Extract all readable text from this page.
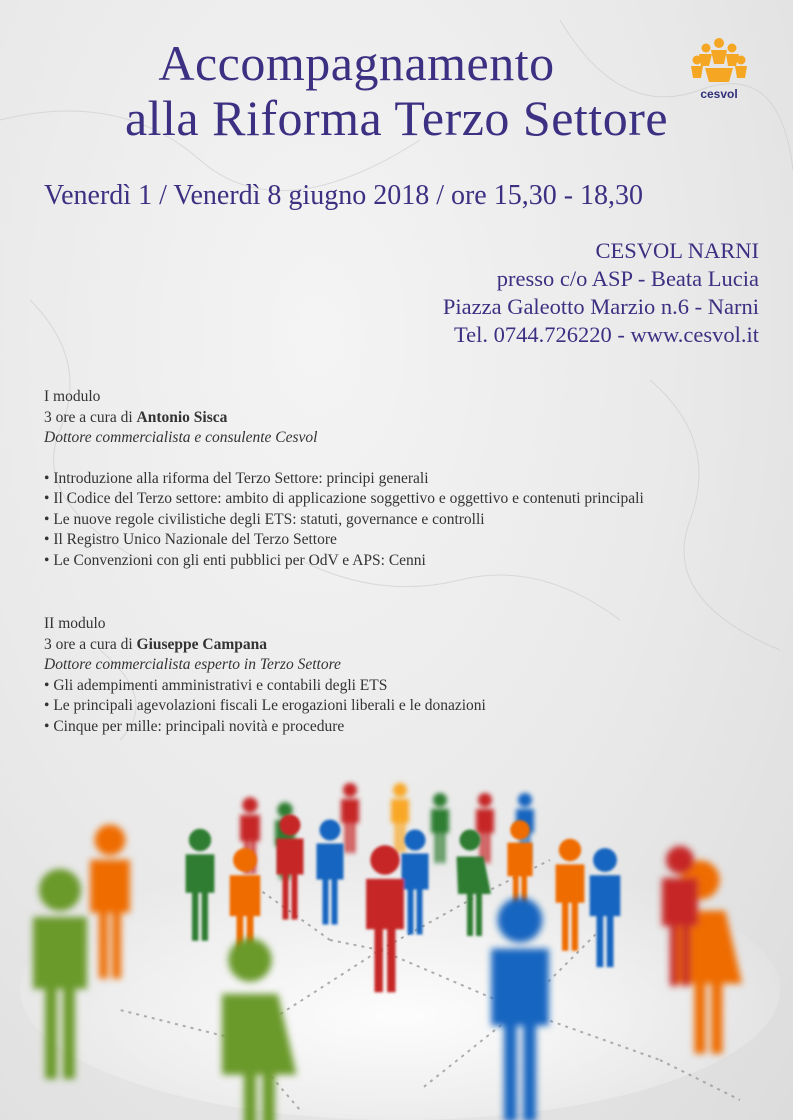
Accompagnamento
alla Riforma Terzo Settore	cesvol
Venerdì 1 / Venerdì 8 giugno 2018 / ore 15,30 - 18,30
CESVOL NARNI
presso c/o ASP - Beata Lucia
Piazza Galeotto Marzio n.6 - Narni
Tel. 0744.726220 - www.cesvol.it
I modulo
3 ore a cura di Antonio Sisca
Dottore commercialista e consulente Cesvol
• Introduzione alla riforma del Terzo Settore: principi generali
• Il Codice del Terzo settore: ambito di applicazione soggettivo e oggettivo e contenuti principali
• Le nuove regole civilistiche degli ETS: statuti, governance e controlli
• Il Registro Unico Nazionale del Terzo Settore
• Le Convenzioni con gli enti pubblici per OdV e APS: Cenni
II modulo
3 ore a cura di Giuseppe Campana
Dottore commercialista esperto in Terzo Settore
• Gli adempimenti amministrativi e contabili degli ETS
• Le principali agevolazioni fiscali Le erogazioni liberali e le donazioni
• Cinque per mille: principali novità e procedure
